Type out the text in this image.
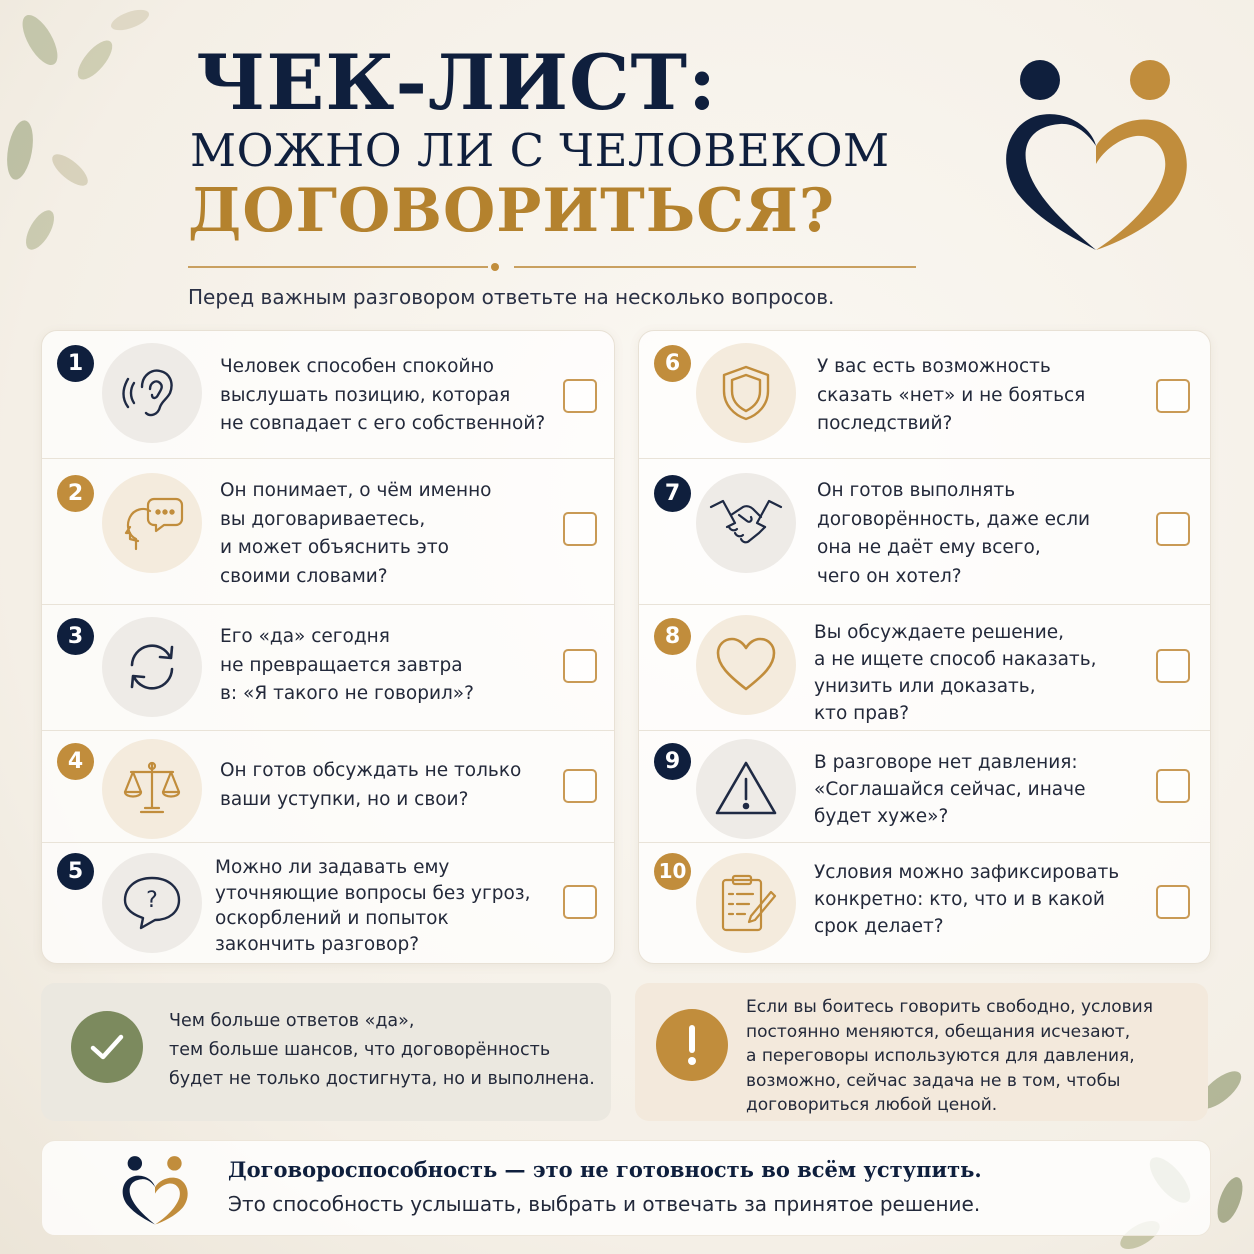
ЧЕК-ЛИСТ:
МОЖНО ЛИ С ЧЕЛОВЕКОМ
ДОГОВОРИТЬСЯ?
Перед важным разговором ответьте на несколько вопросов.
1	Человек способен спокойно
выслушать позицию, которая
не совпадает с его собственной?
2	Он понимает, о чём именно
вы договариваетесь,
и может объяснить это
своими словами?
3	Его «да» сегодня
не превращается завтра
в: «Я такого не говорил»?
4	Он готов обсуждать не только
ваши уступки, но и свои?
5
?
Можно ли задавать ему
уточняющие вопросы без угроз,
оскорблений и попыток
закончить разговор?
6	У вас есть возможность
сказать «нет» и не бояться
последствий?
7	Он готов выполнять
договорённость, даже если
она не даёт ему всего,
чего он хотел?
8	Вы обсуждаете решение,
а не ищете способ наказать,
унизить или доказать,
кто прав?
9	В разговоре нет давления:
«Соглашайся сейчас, иначе
будет хуже»?
10	Условия можно зафиксировать
конкретно: кто, что и в какой
срок делает?
Чем больше ответов «да»,
тем больше шансов, что договорённость
будет не только достигнута, но и выполнена.
Если вы боитесь говорить свободно, условия
постоянно меняются, обещания исчезают,
а переговоры используются для давления,
возможно, сейчас задача не в том, чтобы
договориться любой ценой.
Договороспособность — это не готовность во всём уступить.
Это способность услышать, выбрать и отвечать за принятое решение.
